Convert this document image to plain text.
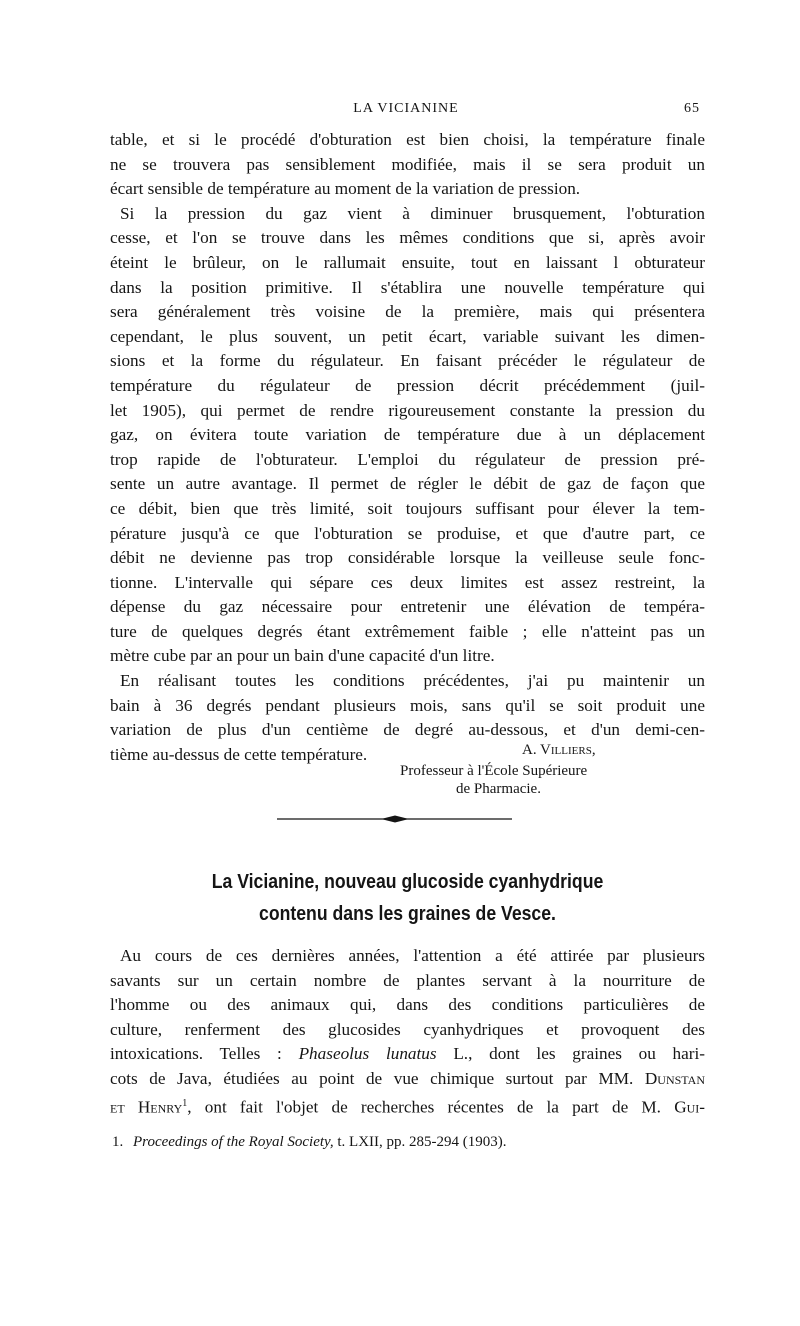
LA VICIANINE	65
table, et si le procédé d'obturation est bien choisi, la température finale
ne se trouvera pas sensiblement modifiée, mais il se sera produit un
écart sensible de température au moment de la variation de pression.
Si la pression du gaz vient à diminuer brusquement, l'obturation
cesse, et l'on se trouve dans les mêmes conditions que si, après avoir
éteint le brûleur, on le rallumait ensuite, tout en laissant l obturateur
dans la position primitive. Il s'établira une nouvelle température qui
sera généralement très voisine de la première, mais qui présentera
cependant, le plus souvent, un petit écart, variable suivant les dimen-
sions et la forme du régulateur. En faisant précéder le régulateur de
température du régulateur de pression décrit précédemment (juil-
let 1905), qui permet de rendre rigoureusement constante la pression du
gaz, on évitera toute variation de température due à un déplacement
trop rapide de l'obturateur. L'emploi du régulateur de pression pré-
sente un autre avantage. Il permet de régler le débit de gaz de façon que
ce débit, bien que très limité, soit toujours suffisant pour élever la tem-
pérature jusqu'à ce que l'obturation se produise, et que d'autre part, ce
débit ne devienne pas trop considérable lorsque la veilleuse seule fonc-
tionne. L'intervalle qui sépare ces deux limites est assez restreint, la
dépense du gaz nécessaire pour entretenir une élévation de tempéra-
ture de quelques degrés étant extrêmement faible ; elle n'atteint pas un
mètre cube par an pour un bain d'une capacité d'un litre.
En réalisant toutes les conditions précédentes, j'ai pu maintenir un
bain à 36 degrés pendant plusieurs mois, sans qu'il se soit produit une
variation de plus d'un centième de degré au-dessous, et d'un demi-cen-
tième au-dessus de cette température.	A. Villiers,
Professeur à l'École Supérieure
de Pharmacie.
La Vicianine, nouveau glucoside cyanhydrique
contenu dans les graines de Vesce.
Au cours de ces dernières années, l'attention a été attirée par plusieurs
savants sur un certain nombre de plantes servant à la nourriture de
l'homme ou des animaux qui, dans des conditions particulières de
culture, renferment des glucosides cyanhydriques et provoquent des
intoxications. Telles : Phaseolus lunatus L., dont les graines ou hari-
cots de Java, étudiées au point de vue chimique surtout par MM. Dunstan
et Henry$^1$, ont fait l'objet de recherches récentes de la part de M. Gui-
1. Proceedings of the Royal Society, t. LXII, pp. 285-294 (1903).
